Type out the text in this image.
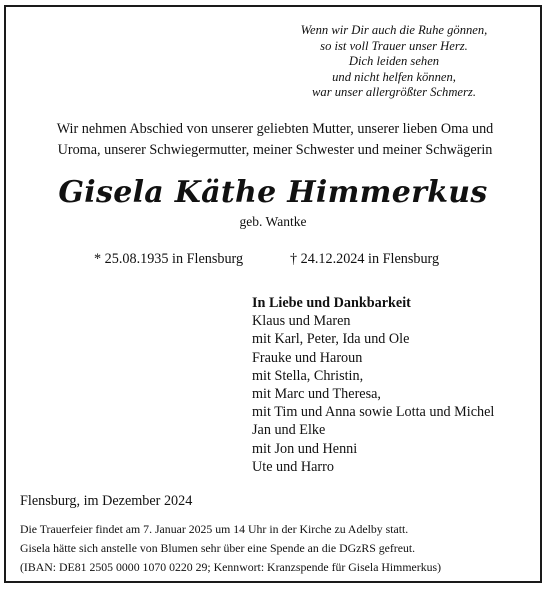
Wenn wir Dir auch die Ruhe gönnen,
so ist voll Trauer unser Herz.
Dich leiden sehen
und nicht helfen können,
war unser allergrößter Schmerz.
Wir nehmen Abschied von unserer geliebten Mutter, unserer lieben Oma und
Uroma, unserer Schwiegermutter, meiner Schwester und meiner Schwägerin
Gisela Käthe Himmerkus
geb. Wantke
* 25.08.1935 in Flensburg	† 24.12.2024 in Flensburg
In Liebe und Dankbarkeit
Klaus und Maren
mit Karl, Peter, Ida und Ole
Frauke und Haroun
mit Stella, Christin,
mit Marc und Theresa,
mit Tim und Anna sowie Lotta und Michel
Jan und Elke
mit Jon und Henni
Ute und Harro
Flensburg, im Dezember 2024
Die Trauerfeier findet am 7. Januar 2025 um 14 Uhr in der Kirche zu Adelby statt.
Gisela hätte sich anstelle von Blumen sehr über eine Spende an die DGzRS gefreut.
(IBAN: DE81 2505 0000 1070 0220 29; Kennwort: Kranzspende für Gisela Himmerkus)
